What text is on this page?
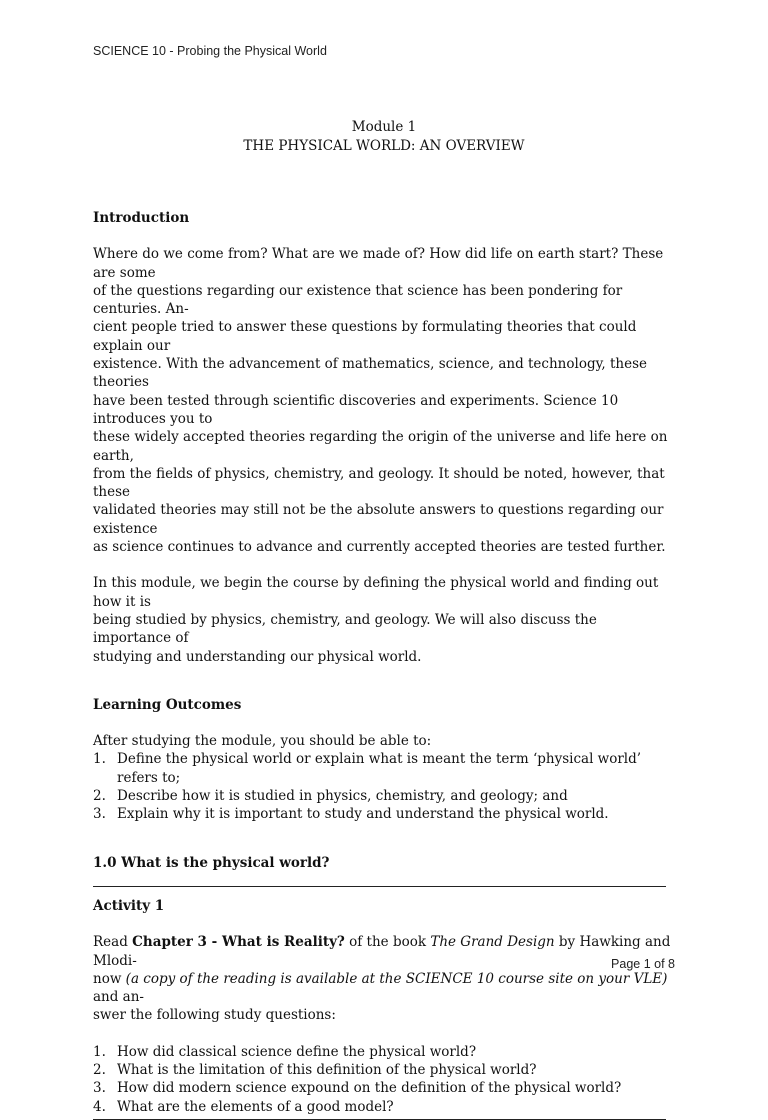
SCIENCE 10 - Probing the Physical World
Module 1
THE PHYSICAL WORLD: AN OVERVIEW

Introduction

Where do we come from? What are we made of? How did life on earth start? These are some
of the questions regarding our existence that science has been pondering for centuries. An-
cient people tried to answer these questions by formulating theories that could explain our
existence. With the advancement of mathematics, science, and technology, these theories
have been tested through scientific discoveries and experiments. Science 10 introduces you to
these widely accepted theories regarding the origin of the universe and life here on earth,
from the fields of physics, chemistry, and geology. It should be noted, however, that these
validated theories may still not be the absolute answers to questions regarding our existence
as science continues to advance and currently accepted theories are tested further.
In this module, we begin the course by defining the physical world and finding out how it is
being studied by physics, chemistry, and geology. We will also discuss the importance of
studying and understanding our physical world.

Learning Outcomes

After studying the module, you should be able to:

1. Define the physical world or explain what is meant the term ‘physical world’ refers to;
2. Describe how it is studied in physics, chemistry, and geology; and
3. Explain why it is important to study and understand the physical world.

1.0 What is the physical world?

Activity 1

Read Chapter 3 - What is Reality? of the book The Grand Design by Hawking and Mlodi-
now (a copy of the reading is available at the SCIENCE 10 course site on your VLE) and an-
swer the following study questions:
1. How did classical science define the physical world?
2. What is the limitation of this definition of the physical world?
3. How did modern science expound on the definition of the physical world?
4. What are the elements of a good model?
Page 1 of 8
